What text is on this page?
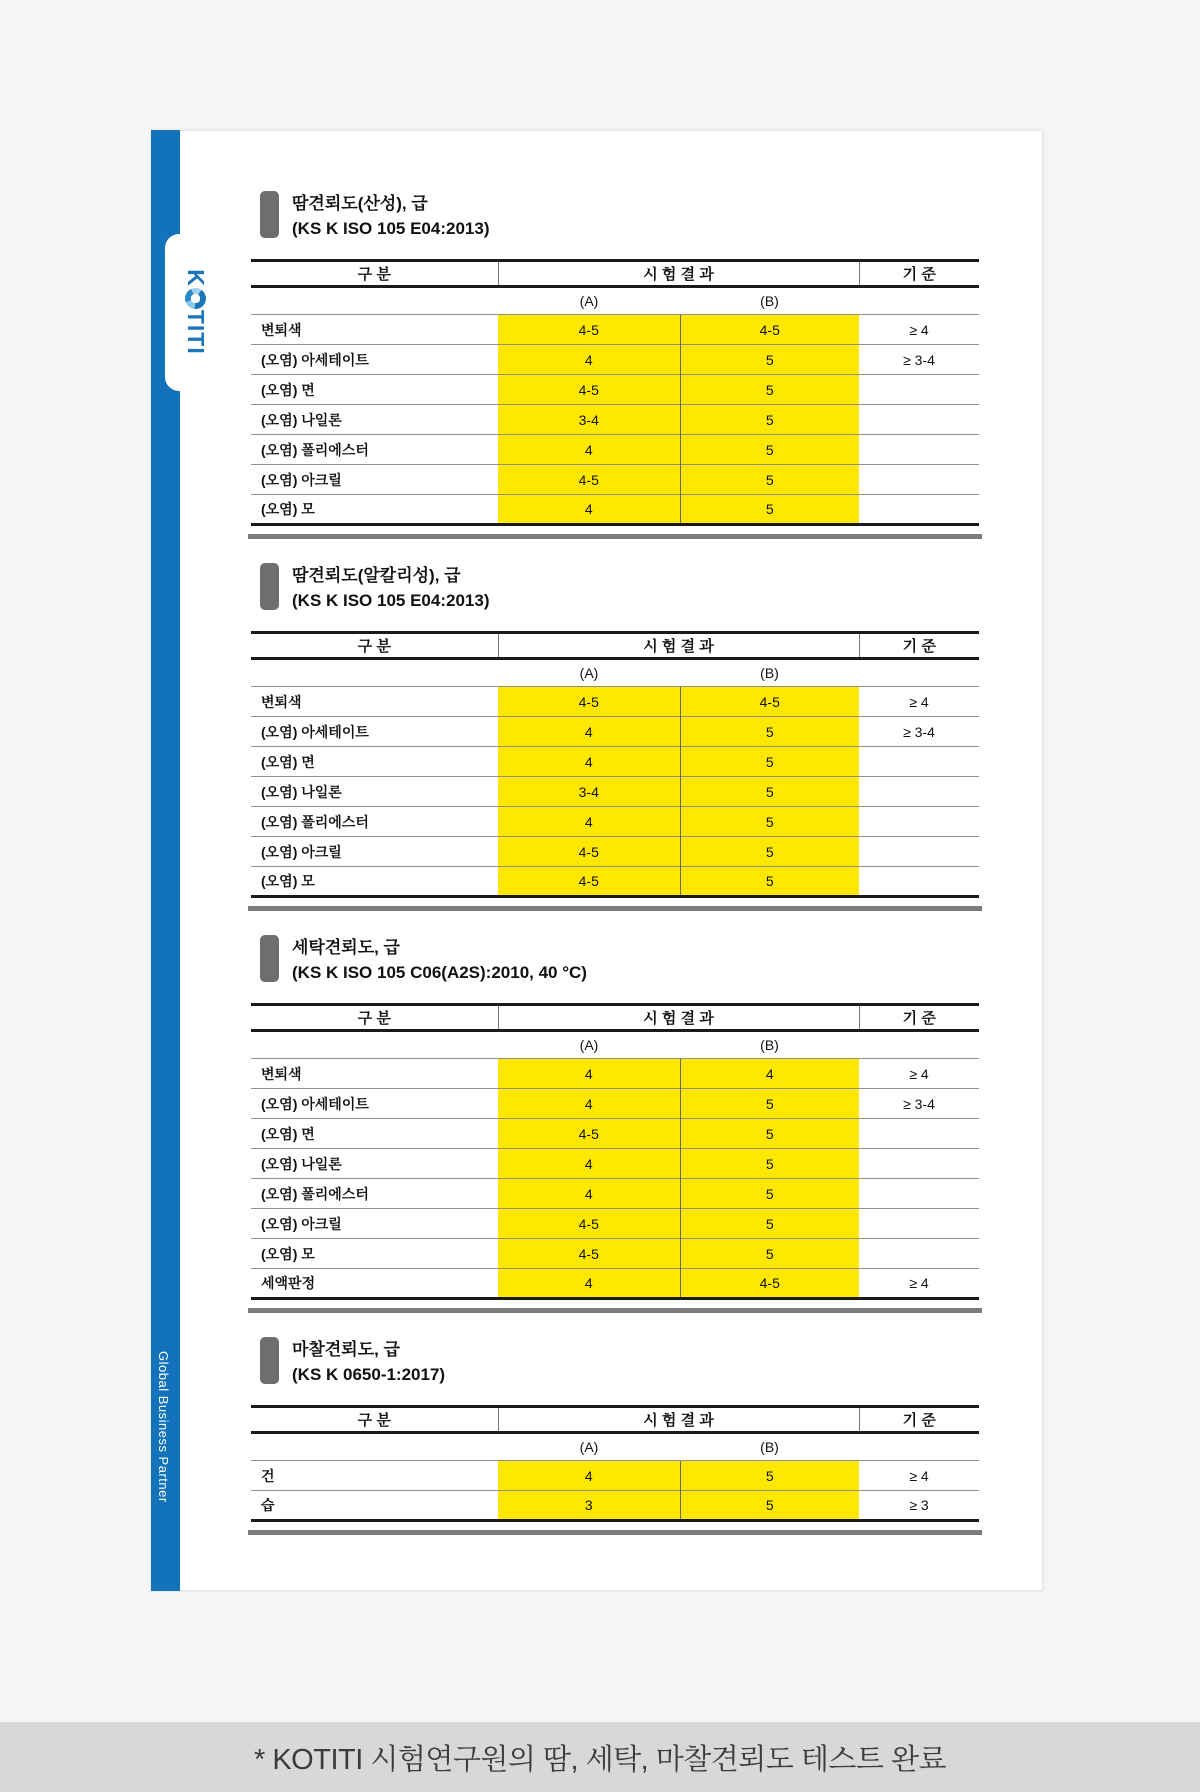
K
TITI
Global Business Partner
땀견뢰도(산성), 급
(KS K ISO 105 E04:2013)
구 분	시 험 결 과		기 준
	(A)	(B)	
변퇴색	4-5	4-5	≥ 4
(오염) 아세테이트	4	5	≥ 3-4
(오염) 면	4-5	5	
(오염) 나일론	3-4	5	
(오염) 폴리에스터	4	5	
(오염) 아크릴	4-5	5	
(오염) 모	4	5	
땀견뢰도(알칼리성), 급
(KS K ISO 105 E04:2013)
구 분	시 험 결 과		기 준
	(A)	(B)	
변퇴색	4-5	4-5	≥ 4
(오염) 아세테이트	4	5	≥ 3-4
(오염) 면	4	5	
(오염) 나일론	3-4	5	
(오염) 폴리에스터	4	5	
(오염) 아크릴	4-5	5	
(오염) 모	4-5	5	
세탁견뢰도, 급
(KS K ISO 105 C06(A2S):2010, 40 °C)
구 분	시 험 결 과		기 준
	(A)	(B)	
변퇴색	4	4	≥ 4
(오염) 아세테이트	4	5	≥ 3-4
(오염) 면	4-5	5	
(오염) 나일론	4	5	
(오염) 폴리에스터	4	5	
(오염) 아크릴	4-5	5	
(오염) 모	4-5	5	
세액판정	4	4-5	≥ 4
마찰견뢰도, 급
(KS K 0650-1:2017)
구 분	시 험 결 과		기 준
	(A)	(B)	
건	4	5	≥ 4
습	3	5	≥ 3
* KOTITI 시험연구원의 땀, 세탁, 마찰견뢰도 테스트 완료
